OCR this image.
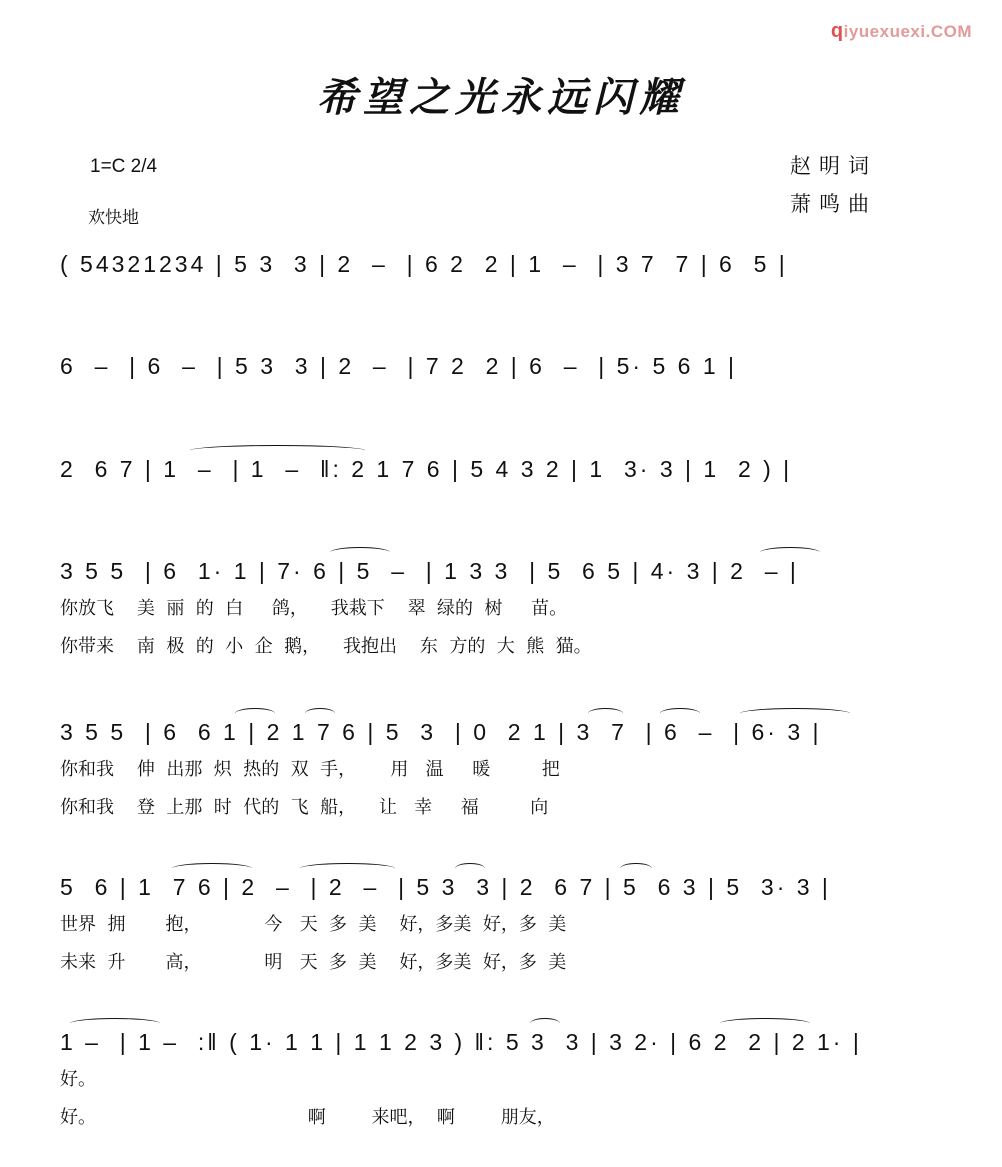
qiyuexuexi.COM
希望之光永远闪耀
1=C 2/4
欢快地
赵明词
萧鸣曲
( 54321234 | 5 3  3 | 2  –  | 6 2  2 | 1  –  | 3 7  7 | 6  5 |
6  –  | 6  –  | 5 3  3 | 2  –  | 7 2  2 | 6  –  | 5· 5 6 1 |
2  6 7 | 1  –  | 1  –  ‖: 2 1 7 6 | 5 4 3 2 | 1  3· 3 | 1  2 ) |
3 5 5  | 6  1· 1 | 7· 6 | 5  –  | 1 3 3  | 5  6 5 | 4· 3 | 2  – |
你放飞    美  丽  的  白     鸽，    我栽下    翠  绿的  树     苗。
你带来    南  极  的  小  企  鹅，    我抱出    东  方的  大  熊  猫。
3 5 5  | 6  6 1 | 2 1 7 6 | 5  3  | 0  2 1 | 3  7  | 6  –  | 6· 3 |
你和我    伸  出那  炽  热的  双  手，      用   温     暖         把
你和我    登  上那  时  代的  飞  船，    让   幸     福         向
5  6 | 1  7 6 | 2  –  | 2  –  | 5 3  3 | 2  6 7 | 5  6 3 | 5  3· 3 |
世界  拥       抱，           今   天  多  美    好，多美  好，多  美
未来  升       高，           明   天  多  美    好，多美  好，多  美
1 –  | 1 –  :‖ ( 1· 1 1 | 1 1 2 3 ) ‖: 5 3  3 | 3 2· | 6 2  2 | 2 1· |
好。
好。                                     啊        来吧，  啊        朋友，
